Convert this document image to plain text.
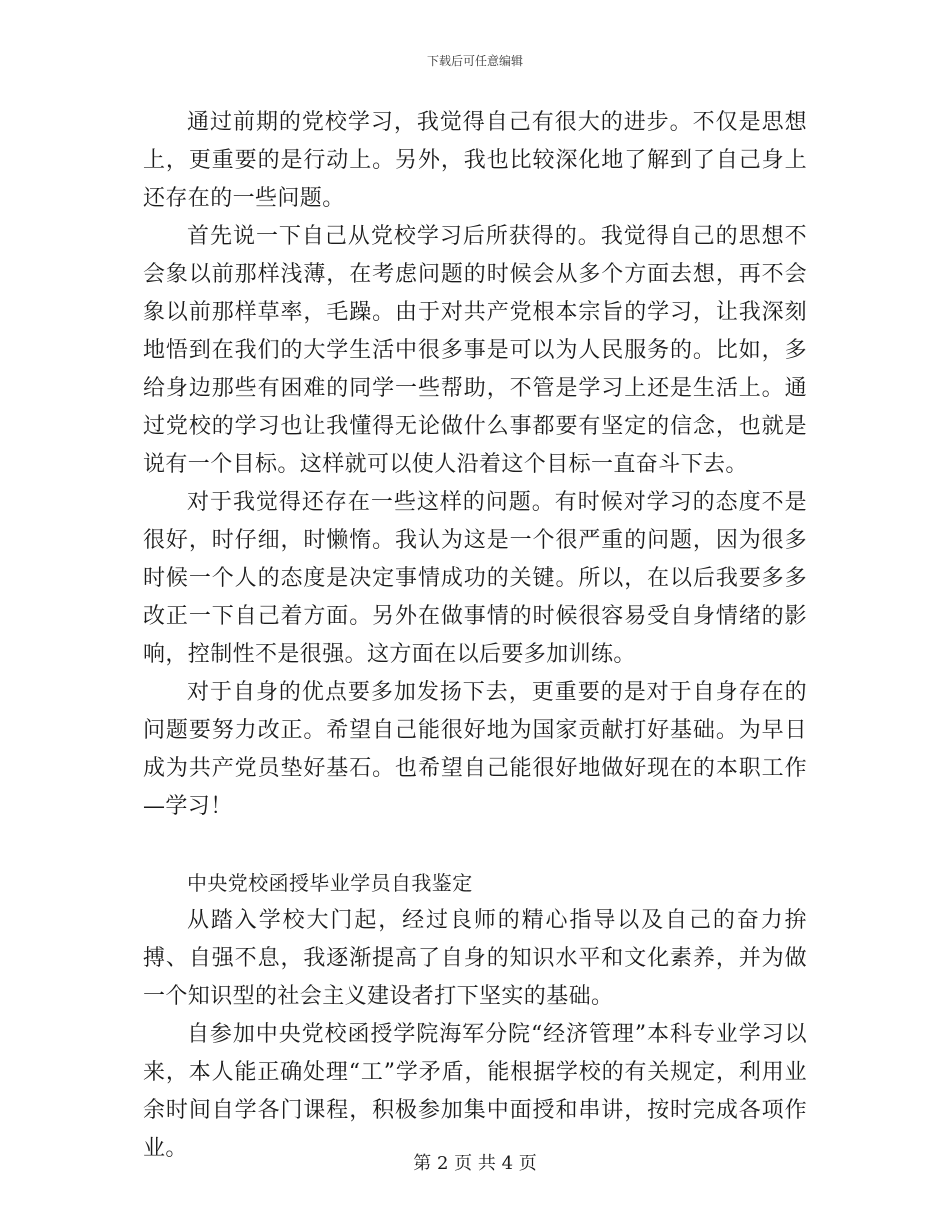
下载后可任意编辑

通过前期的党校学习，我觉得自己有很大的进步。不仅是思想上，更重要的是行动上。另外，我也比较深化地了解到了自己身上还存在的一些问题。

首先说一下自己从党校学习后所获得的。我觉得自己的思想不会象以前那样浅薄，在考虑问题的时候会从多个方面去想，再不会象以前那样草率，毛躁。由于对共产党根本宗旨的学习，让我深刻地悟到在我们的大学生活中很多事是可以为人民服务的。比如，多给身边那些有困难的同学一些帮助，不管是学习上还是生活上。通过党校的学习也让我懂得无论做什么事都要有坚定的信念，也就是说有一个目标。这样就可以使人沿着这个目标一直奋斗下去。

对于我觉得还存在一些这样的问题。有时候对学习的态度不是很好，时仔细，时懒惰。我认为这是一个很严重的问题，因为很多时候一个人的态度是决定事情成功的关键。所以，在以后我要多多改正一下自己着方面。另外在做事情的时候很容易受自身情绪的影响，控制性不是很强。这方面在以后要多加训练。

对于自身的优点要多加发扬下去，更重要的是对于自身存在的问题要努力改正。希望自己能很好地为国家贡献打好基础。为早日成为共产党员垫好基石。也希望自己能很好地做好现在的本职工作—学习！

中央党校函授毕业学员自我鉴定

从踏入学校大门起，经过良师的精心指导以及自己的奋力拚搏、自强不息，我逐渐提高了自身的知识水平和文化素养，并为做一个知识型的社会主义建设者打下坚实的基础。

自参加中央党校函授学院海军分院“经济管理”本科专业学习以来，本人能正确处理“工”学矛盾，能根据学校的有关规定，利用业余时间自学各门课程，积极参加集中面授和串讲，按时完成各项作业。

第 2 页 共 4 页
